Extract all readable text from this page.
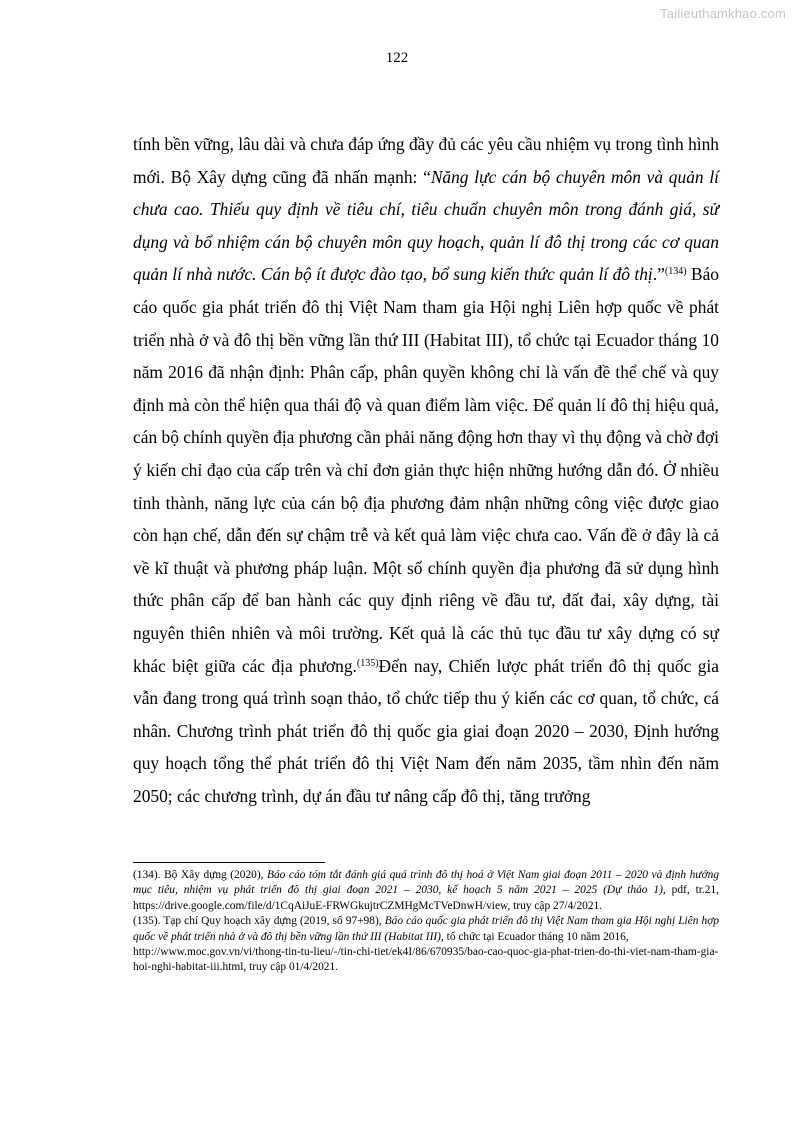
Tailieuthamkhao.com
122

tính bền vững, lâu dài và chưa đáp ứng đầy đủ các yêu cầu nhiệm vụ trong tình hình mới. Bộ Xây dựng cũng đã nhấn mạnh: “Năng lực cán bộ chuyên môn và quản lí chưa cao. Thiếu quy định về tiêu chí, tiêu chuẩn chuyên môn trong đánh giá, sử dụng và bổ nhiệm cán bộ chuyên môn quy hoạch, quản lí đô thị trong các cơ quan quản lí nhà nước. Cán bộ ít được đào tạo, bổ sung kiến thức quản lí đô thị.”$^{(134)}$ Báo cáo quốc gia phát triển đô thị Việt Nam tham gia Hội nghị Liên hợp quốc về phát triển nhà ở và đô thị bền vững lần thứ III (Habitat III), tổ chức tại Ecuador tháng 10 năm 2016 đã nhận định: Phân cấp, phân quyền không chỉ là vấn đề thể chế và quy định mà còn thể hiện qua thái độ và quan điểm làm việc. Để quản lí đô thị hiệu quả, cán bộ chính quyền địa phương cần phải năng động hơn thay vì thụ động và chờ đợi ý kiến chỉ đạo của cấp trên và chỉ đơn giản thực hiện những hướng dẫn đó. Ở nhiều tỉnh thành, năng lực của cán bộ địa phương đảm nhận những công việc được giao còn hạn chế, dẫn đến sự chậm trễ và kết quả làm việc chưa cao. Vấn đề ở đây là cả về kĩ thuật và phương pháp luận. Một số chính quyền địa phương đã sử dụng hình thức phân cấp để ban hành các quy định riêng về đầu tư, đất đai, xây dựng, tài nguyên thiên nhiên và môi trường. Kết quả là các thủ tục đầu tư xây dựng có sự khác biệt giữa các địa phương.$^{(135)}$Đến nay, Chiến lược phát triển đô thị quốc gia vẫn đang trong quá trình soạn thảo, tổ chức tiếp thu ý kiến các cơ quan, tổ chức, cá nhân. Chương trình phát triển đô thị quốc gia giai đoạn 2020 – 2030, Định hướng quy hoạch tổng thể phát triển đô thị Việt Nam đến năm 2035, tầm nhìn đến năm 2050; các chương trình, dự án đầu tư nâng cấp đô thị, tăng trưởng

(134). Bộ Xây dựng (2020), Báo cáo tóm tắt đánh giá quá trình đô thị hoá ở Việt Nam giai đoạn 2011 – 2020 và định hướng mục tiêu, nhiệm vụ phát triển đô thị giai đoạn 2021 – 2030, kế hoạch 5 năm 2021 – 2025 (Dự thảo 1), pdf, tr.21, https://drive.google.com/file/d/1CqAiJuE-FRWGkujtrCZMHgMcTVeDnwH/view, truy cập 27/4/2021.

(135). Tạp chí Quy hoạch xây dựng (2019, số 97+98), Báo cáo quốc gia phát triển đô thị Việt Nam tham gia Hội nghị Liên hợp quốc về phát triển nhà ở và đô thị bền vững lần thứ III (Habitat III), tổ chức tại Ecuador tháng 10 năm 2016,
http://www.moc.gov.vn/vi/thong-tin-tu-lieu/-/tin-chi-tiet/ek4I/86/670935/bao-cao-quoc-gia-phat-trien-do-thi-viet-nam-tham-gia-hoi-nghi-habitat-iii.html, truy cập 01/4/2021.
